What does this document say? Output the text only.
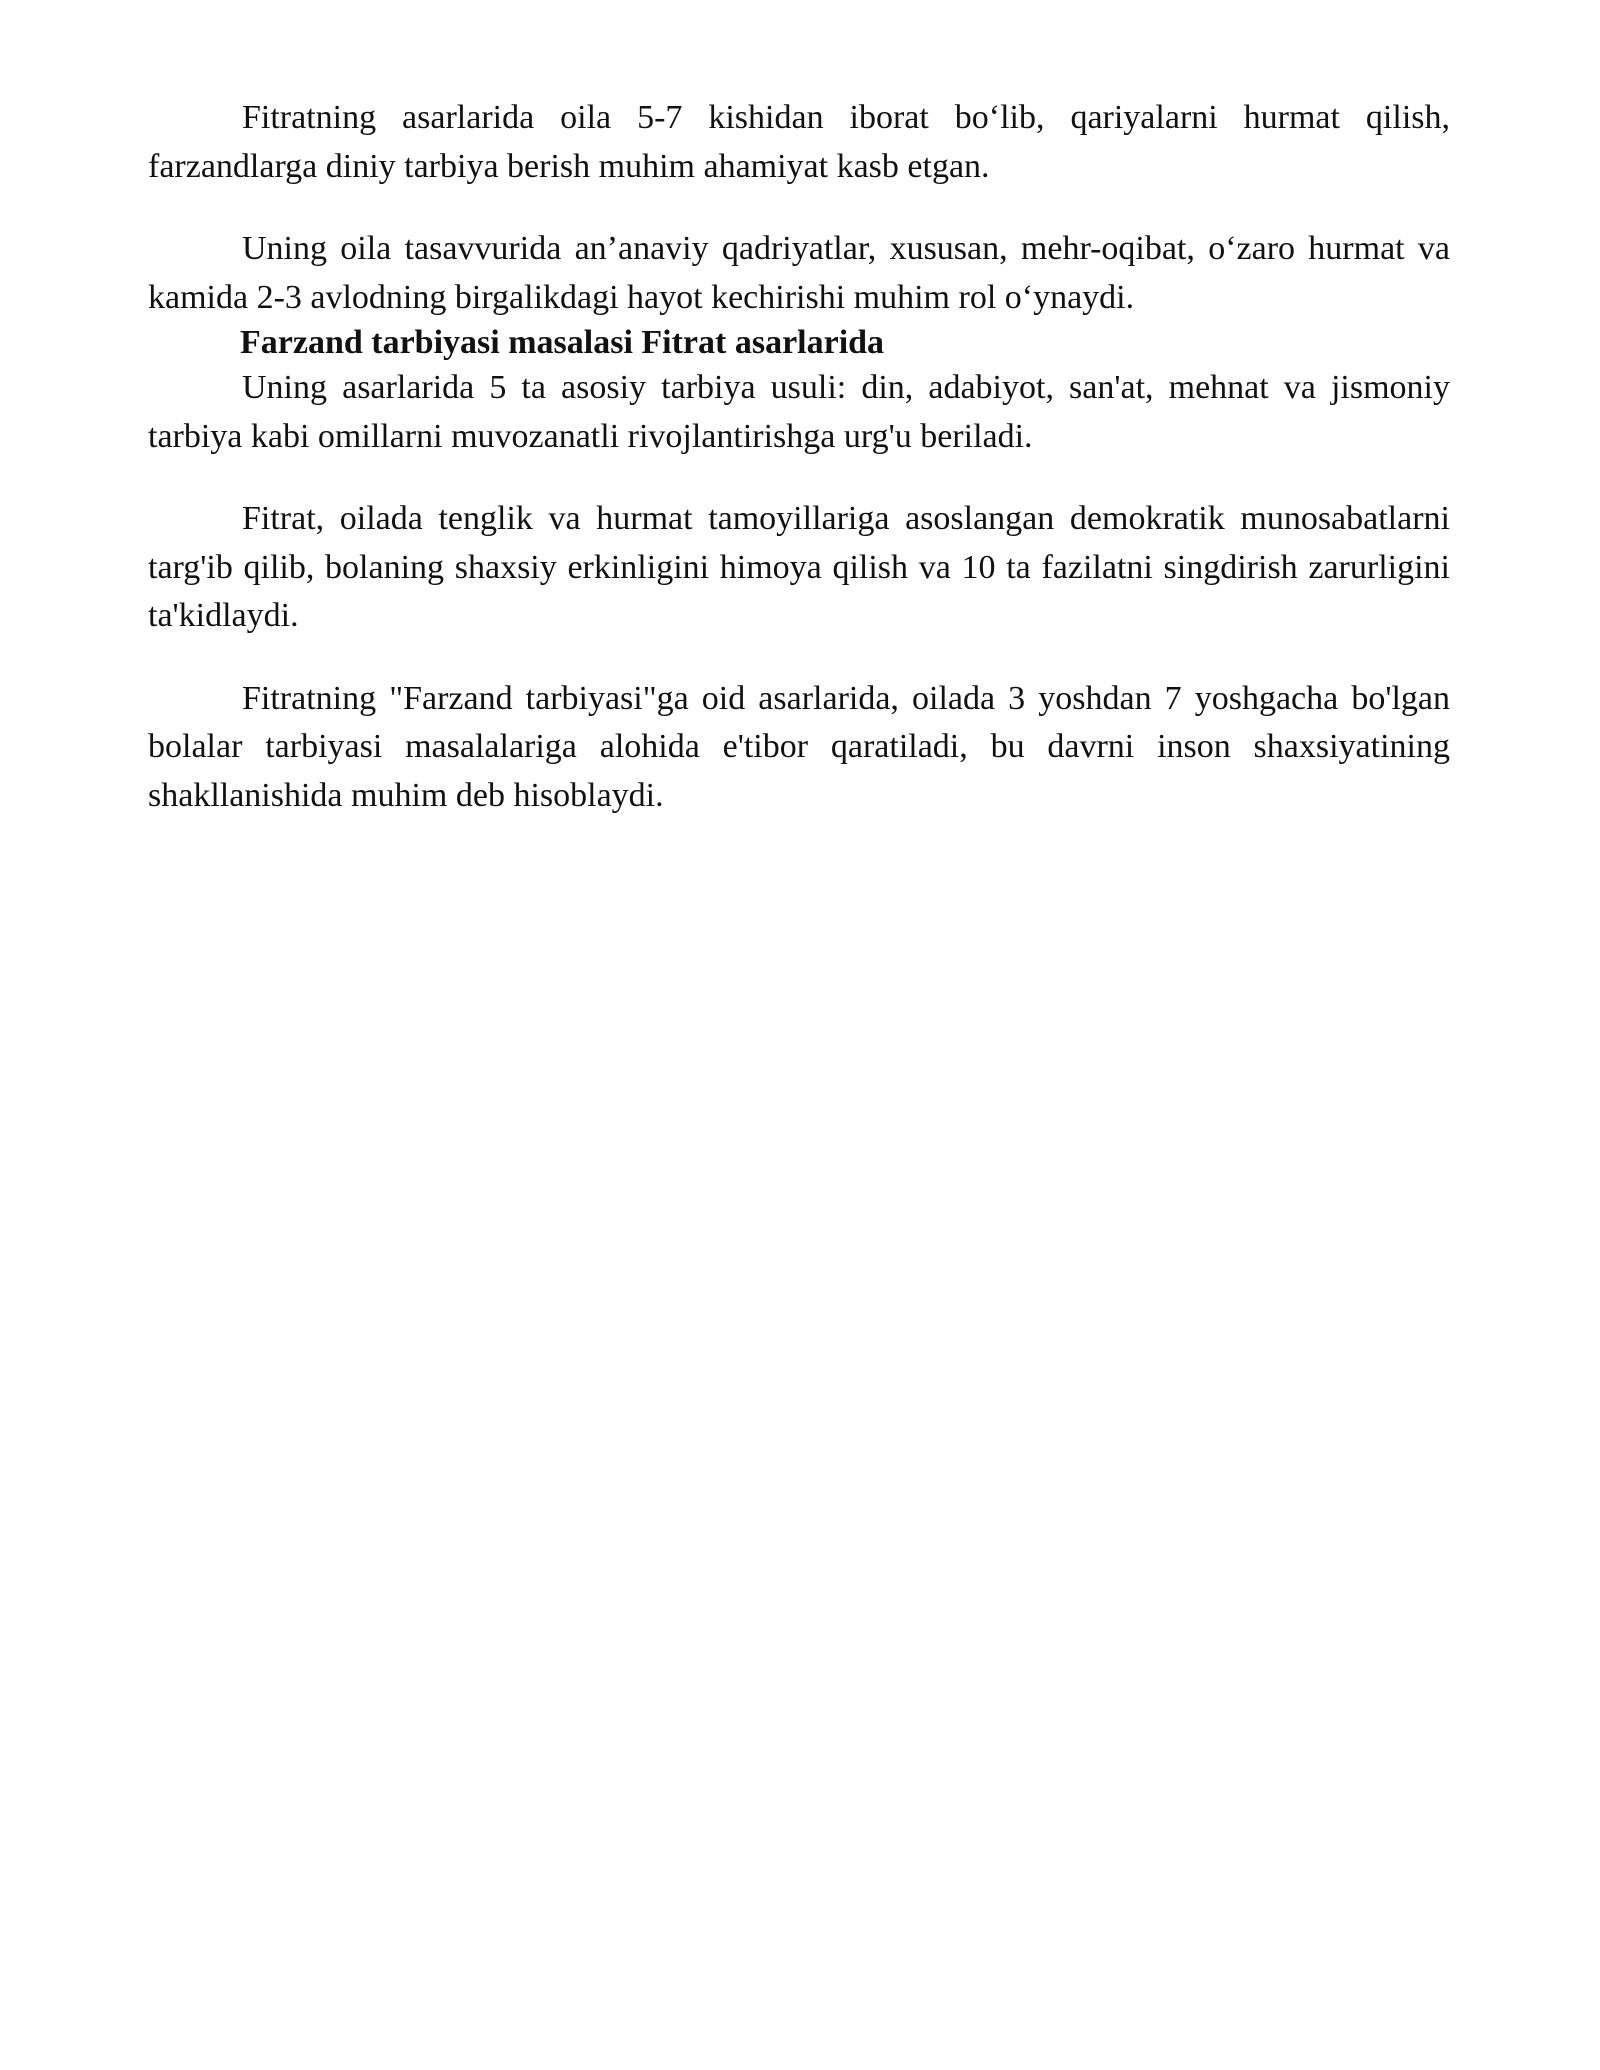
Fitratning asarlarida oila 5-7 kishidan iborat bo‘lib, qariyalarni hurmat qilish, farzandlarga diniy tarbiya berish muhim ahamiyat kasb etgan.

Uning oila tasavvurida an’anaviy qadriyatlar, xususan, mehr-oqibat, o‘zaro hurmat va kamida 2-3 avlodning birgalikdagi hayot kechirishi muhim rol o‘ynaydi.

Farzand tarbiyasi masalasi Fitrat asarlarida

Uning asarlarida 5 ta asosiy tarbiya usuli: din, adabiyot, san'at, mehnat va jismoniy tarbiya kabi omillarni muvozanatli rivojlantirishga urg'u beriladi.

Fitrat, oilada tenglik va hurmat tamoyillariga asoslangan demokratik munosabatlarni targ'ib qilib, bolaning shaxsiy erkinligini himoya qilish va 10 ta fazilatni singdirish zarurligini ta'kidlaydi.

Fitratning "Farzand tarbiyasi"ga oid asarlarida, oilada 3 yoshdan 7 yoshgacha bo'lgan bolalar tarbiyasi masalalariga alohida e'tibor qaratiladi, bu davrni inson shaxsiyatining shakllanishida muhim deb hisoblaydi.
